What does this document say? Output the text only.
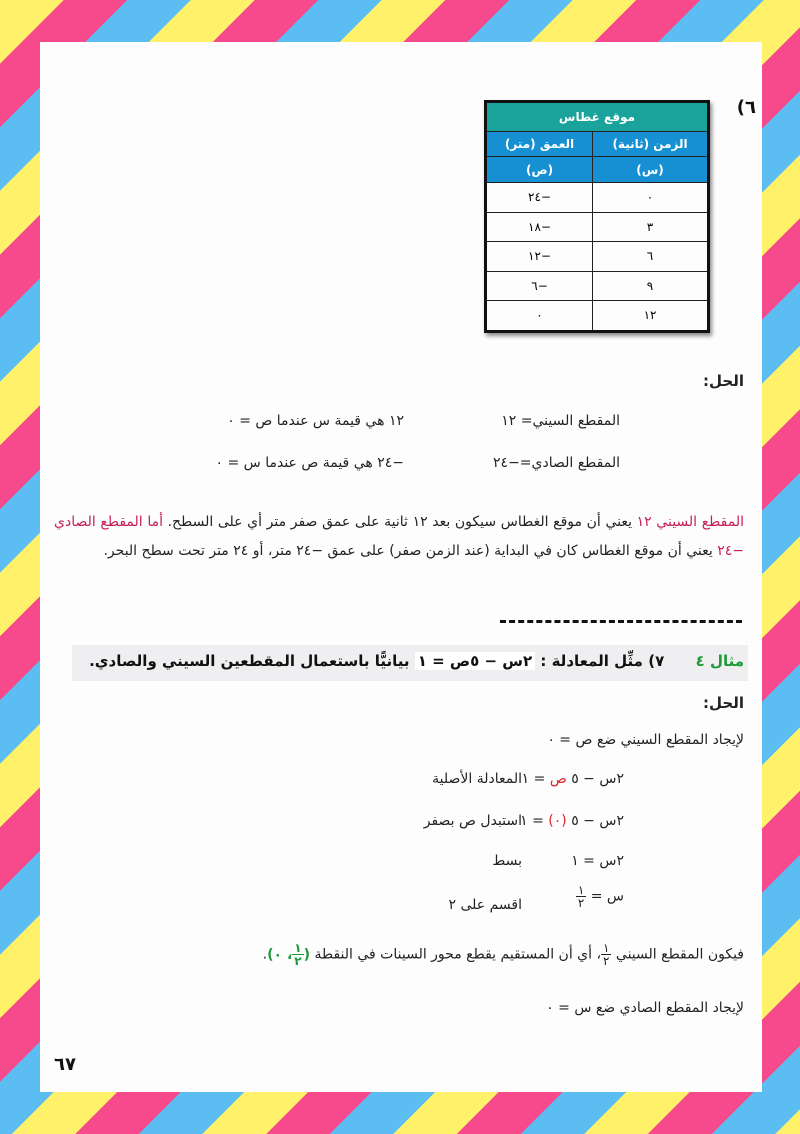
٦)
موقع غطاس	
الزمن (ثانية)	العمق (متر)
(س)	(ص)
٠	−٢٤
٣	−١٨
٦	−١٢
٩	−٦
١٢	٠
الحل:
المقطع السيني= ١٢
١٢ هي قيمة س عندما ص = ٠
المقطع الصادي=−٢٤
−٢٤ هي قيمة ص عندما س = ٠
المقطع السيني ١٢ يعني أن موقع الغطاس سيكون بعد ١٢ ثانية على عمق صفر متر أي على السطح. أما المقطع الصادي −٢٤ يعني أن موقع الغطاس كان في البداية (عند الزمن صفر) على عمق −٢٤ متر، أو ٢٤ متر تحت سطح البحر.
مثال ٤      ٧) مثِّل المعادلة : ٢س − ٥ص = ١ بيانيًّا باستعمال المقطعين السيني والصادي.
الحل:
لإيجاد المقطع السيني ضع ص = ٠
٢س − ٥ ص = ١
المعادلة الأصلية
٢س − ٥ (٠) = ١
استبدل ص بصفر
٢س = ١
بسط
س =
$\frac{١}{٢}$
اقسم على ٢
فيكون المقطع السيني
$\frac{١}{٢}$
، أي أن المستقيم يقطع محور السينات في النقطة (
$\frac{١}{٢}$
، ٠).
لإيجاد المقطع الصادي ضع س = ٠
٦٧
